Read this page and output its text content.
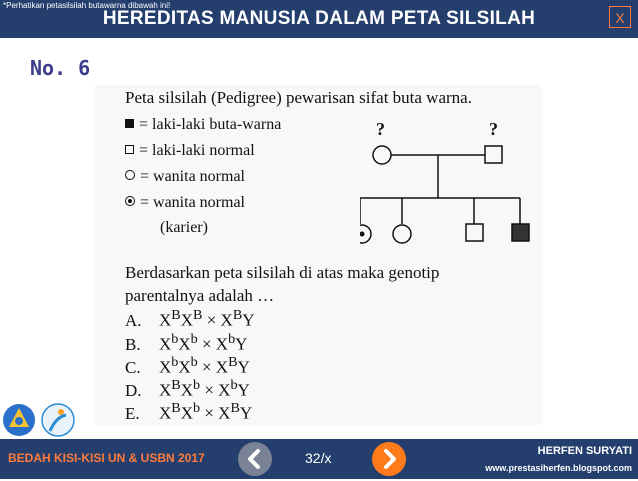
*Perhatikan petasilsilah butawarna dibawah ini!
HEREDITAS MANUSIA DALAM PETA SILSILAH	X
No. 6
Peta silsilah (Pedigree) pewarisan sifat buta warna.
= laki-laki buta-warna
= laki-laki normal
= wanita normal
= wanita normal
(karier)
?	?
Berdasarkan peta silsilah di atas maka genotip
parentalnya adalah …
A. $X^BX^B \times X^BY$
B. $X^bX^b \times X^bY$
C. $X^bX^b \times X^BY$
D. $X^BX^b \times X^bY$
E. $X^BX^b \times X^BY$
BEDAH KISI-KISI UN & USBN 2017	32/x	HERFEN SURYATI
www.prestasiherfen.blogspot.com
